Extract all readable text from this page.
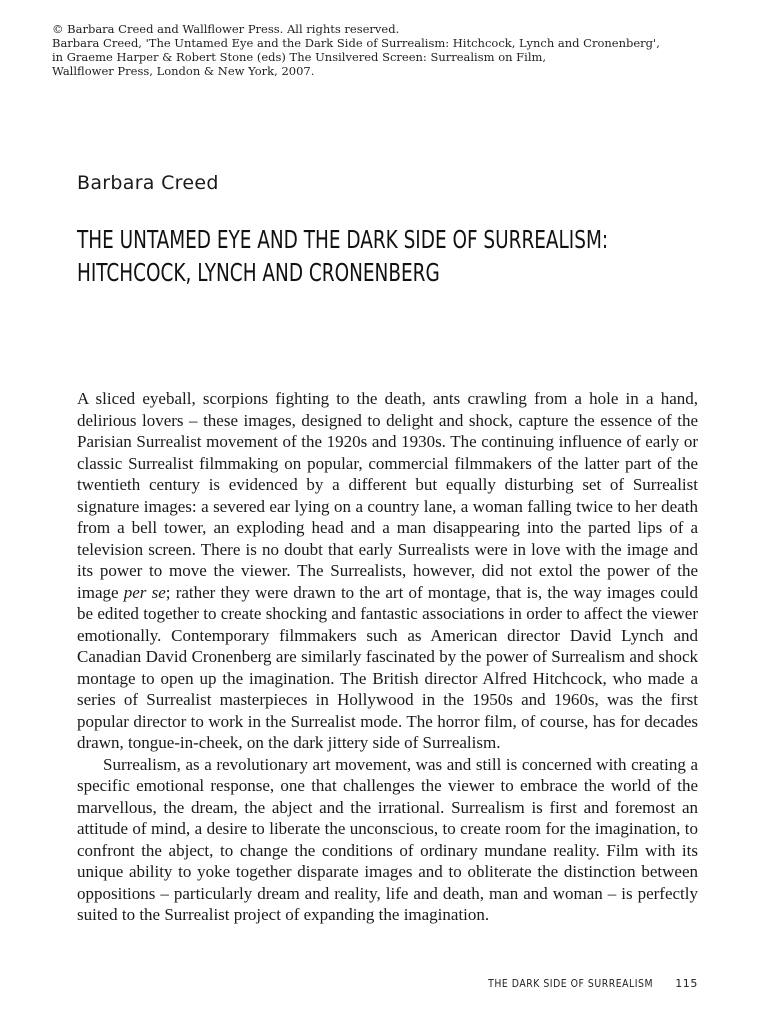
© Barbara Creed and Wallflower Press. All rights reserved.
Barbara Creed, 'The Untamed Eye and the Dark Side of Surrealism: Hitchcock, Lynch and Cronenberg',
in Graeme Harper & Robert Stone (eds) The Unsilvered Screen: Surrealism on Film,
Wallflower Press, London & New York, 2007.
Barbara Creed
THE UNTAMED EYE AND THE DARK SIDE OF SURREALISM:
HITCHCOCK, LYNCH AND CRONENBERG

A sliced eyeball, scorpions fighting to the death, ants crawling from a hole in a hand, delirious lovers – these images, designed to delight and shock, capture the essence of the Parisian Surrealist movement of the 1920s and 1930s. The continuing influence of early or classic Surrealist filmmaking on popular, commercial filmmakers of the latter part of the twentieth century is evidenced by a different but equally disturbing set of Surrealist signature images: a severed ear lying on a country lane, a woman falling twice to her death from a bell tower, an exploding head and a man disappearing into the parted lips of a television screen. There is no doubt that early Surrealists were in love with the image and its power to move the viewer. The Surrealists, however, did not extol the power of the image per se; rather they were drawn to the art of montage, that is, the way images could be edited together to create shocking and fantastic associations in order to affect the viewer emotionally. Contemporary filmmakers such as American director David Lynch and Canadian David Cronenberg are similarly fascinated by the power of Surrealism and shock montage to open up the imagination. The British director Alfred Hitchcock, who made a series of Surrealist masterpieces in Hollywood in the 1950s and 1960s, was the first popular director to work in the Surrealist mode. The horror film, of course, has for decades drawn, tongue-in-cheek, on the dark jittery side of Surrealism.

Surrealism, as a revolutionary art movement, was and still is concerned with creating a specific emotional response, one that challenges the viewer to embrace the world of the marvellous, the dream, the abject and the irrational. Surrealism is first and foremost an attitude of mind, a desire to liberate the unconscious, to create room for the imagination, to confront the abject, to change the conditions of ordinary mundane reality. Film with its unique ability to yoke together disparate images and to obliterate the distinction between oppositions – particularly dream and reality, life and death, man and woman – is perfectly suited to the Surrealist project of expanding the imagination.

THE DARK SIDE OF SURREALISM 115
